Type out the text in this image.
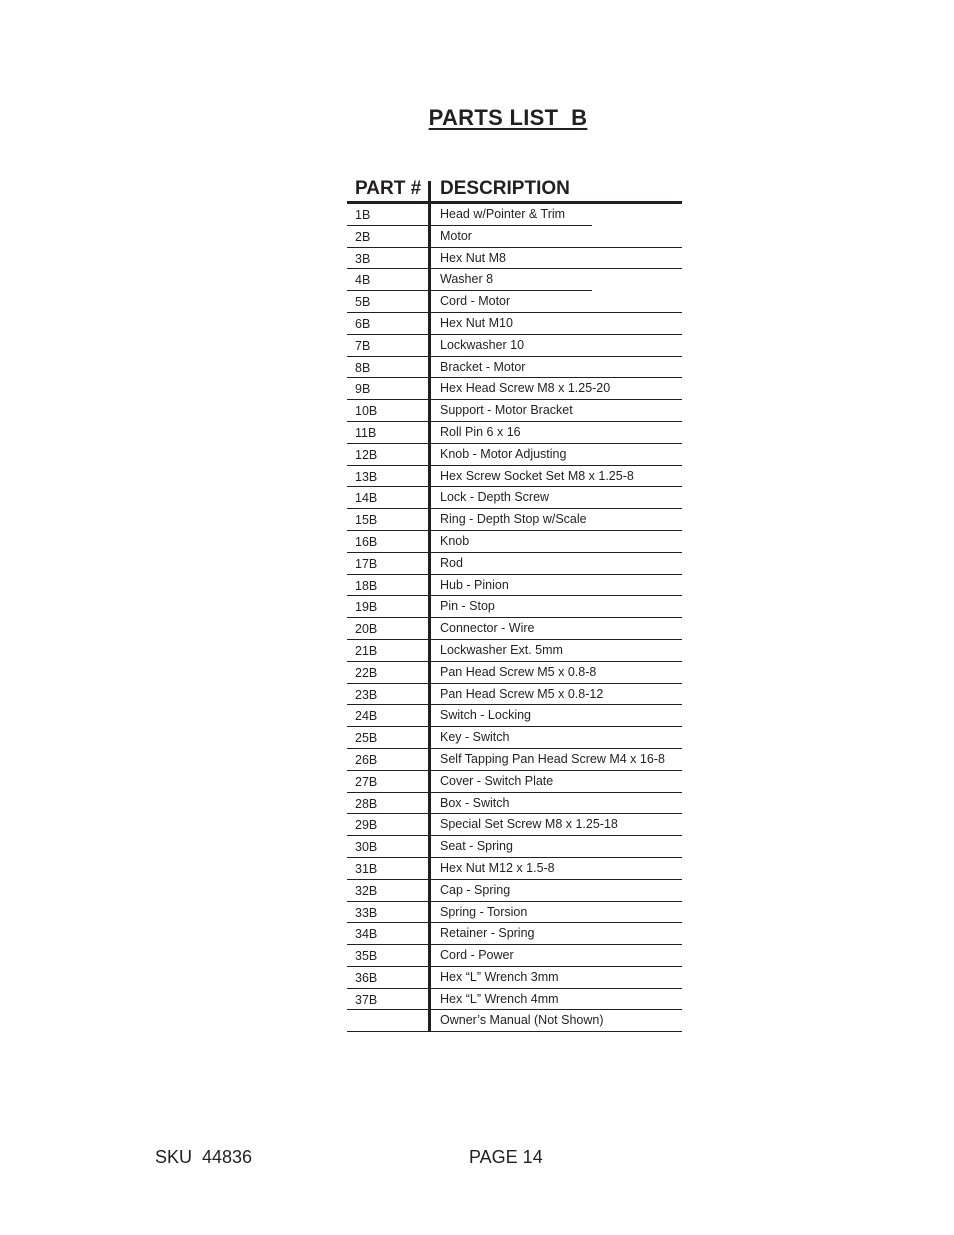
PARTS LIST  B
PART # DESCRIPTION
1B	Head w/Pointer & Trim
2B	Motor
3B	Hex Nut M8
4B	Washer 8
5B	Cord - Motor
6B	Hex Nut M10
7B	Lockwasher 10
8B	Bracket - Motor
9B	Hex Head Screw M8 x 1.25-20
10B	Support - Motor Bracket
11B	Roll Pin 6 x 16
12B	Knob - Motor Adjusting
13B	Hex Screw Socket Set M8 x 1.25-8
14B	Lock - Depth Screw
15B	Ring - Depth Stop w/Scale
16B	Knob
17B	Rod
18B	Hub - Pinion
19B	Pin - Stop
20B	Connector - Wire
21B	Lockwasher Ext. 5mm
22B	Pan Head Screw M5 x 0.8-8
23B	Pan Head Screw M5 x 0.8-12
24B	Switch - Locking
25B	Key - Switch
26B	Self Tapping Pan Head Screw M4 x 16-8
27B	Cover - Switch Plate
28B	Box - Switch
29B	Special Set Screw M8 x 1.25-18
30B	Seat - Spring
31B	Hex Nut M12 x 1.5-8
32B	Cap - Spring
33B	Spring - Torsion
34B	Retainer - Spring
35B	Cord - Power
36B	Hex “L” Wrench 3mm
37B	Hex “L” Wrench 4mm
Owner’s Manual (Not Shown)
SKU  44836	PAGE 14
